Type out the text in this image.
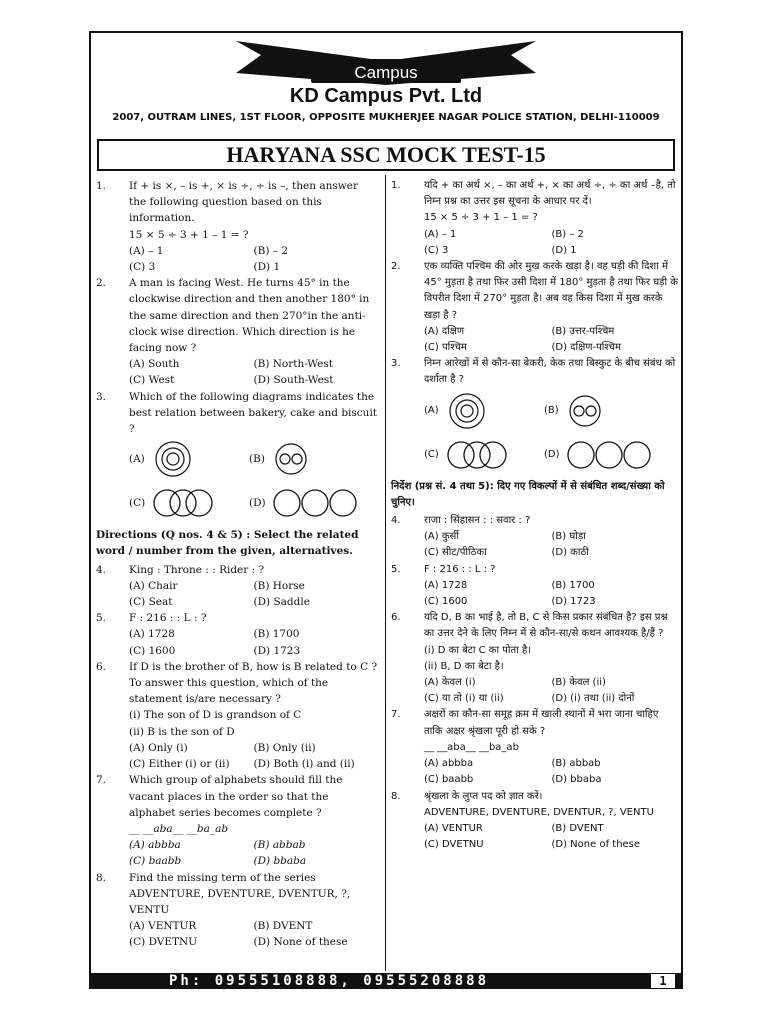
KD
Campus
KD Campus Pvt. Ltd
2007, OUTRAM LINES, 1ST FLOOR, OPPOSITE MUKHERJEE NAGAR POLICE STATION, DELHI-110009
HARYANA SSC MOCK TEST-15
1.	If + is ×, – is +, × is ÷, ÷ is –, then answer the following question based on this information.
15 × 5 ÷ 3 + 1 – 1 = ?
(A) – 1	(B) – 2
(C) 3	(D) 1
2.	A man is facing West. He turns 45° in the clockwise direction and then another 180° in the same direction and then 270°in the anti-clock wise direction. Which direction is he facing now ?
(A) South	(B) North-West
(C) West	(D) South-West
3.	Which of the following diagrams indicates the best relation between bakery, cake and biscuit ?
(A)	(B)
(C)	(D)
Directions (Q nos. 4 & 5) : Select the related word / number from the given, alternatives.
4.	King : Throne : : Rider : ?
(A) Chair	(B) Horse
(C) Seat	(D) Saddle
5.	F : 216 : : L : ?
(A) 1728	(B) 1700
(C) 1600	(D) 1723
6.	If D is the brother of B, how is B related to C ? To answer this question, which of the statement is/are necessary ?
(i) The son of D is grandson of C
(ii) B is the son of D
(A) Only (i)	(B) Only (ii)
(C) Either (i) or (ii)	(D) Both (i) and (ii)
7.	Which group of alphabets should fill the vacant places in the order so that the alphabet series becomes complete ?
__ __aba__ __ba_ab
(A) abbba	(B) abbab
(C) baabb	(D) bbaba
8.	Find the missing term of the series
ADVENTURE, DVENTURE, DVENTUR, ?, VENTU
(A) VENTUR	(B) DVENT
(C) DVETNU	(D) None of these
1.	यदि + का अर्थ ×, – का अर्थ +, × का अर्थ ÷, ÷ का अर्थ –है, तो निम्न प्रश्न का उत्तर इस सूचना के आधार पर दें।
15 × 5 ÷ 3 + 1 – 1 = ?
(A) – 1	(B) – 2
(C) 3	(D) 1
2.	एक व्यक्ति पश्चिम की ओर मुख करके खड़ा है। वह घड़ी की दिशा में 45° मुड़ता है तथा फिर उसी दिशा में 180° मुड़ता है तथा फिर घड़ी के विपरीत दिशा में 270° मुड़ता है। अब वह किस दिशा में मुख करके खड़ा है ?
(A) दक्षिण	(B) उत्तर-पश्चिम
(C) पश्चिम	(D) दक्षिण-पश्चिम
3.	निम्न आरेखों में से कौन-सा बेकरी, केक तथा बिस्कुट के बीच संबंध को दर्शाता है ?
(A)	(B)
(C)	(D)
निर्देश (प्रश्न सं. 4 तथा 5): दिए गए विकल्पों में से संबंधित शब्द/संख्या को चुनिए।
4.	राजा : सिंहासन : : सवार : ?
(A) कुर्सी	(B) घोड़ा
(C) सीट/पीठिका	(D) काठी
5.	F : 216 : : L : ?
(A) 1728	(B) 1700
(C) 1600	(D) 1723
6.	यदि D, B का भाई है, तो B, C से किस प्रकार संबंधित है? इस प्रश्न का उत्तर देने के लिए निम्न में से कौन-सा/से कथन आवश्यक है/हैं ?
(i) D का बेटा C का पोता है।
(ii) B, D का बेटा है।
(A) केवल (i)	(B) केवल (ii)
(C) या तो (i) या (ii)	(D) (i) तथा (ii) दोनों
7.	अक्षरों का कौन-सा समूह क्रम में खाली स्थानों में भरा जाना चाहिए ताकि अक्षर श्रृंखला पूरी हो सके ?
__ __aba__ __ba_ab
(A) abbba	(B) abbab
(C) baabb	(D) bbaba
8.	श्रृंखला के लुप्त पद को ज्ञात करें।
ADVENTURE, DVENTURE, DVENTUR, ?, VENTU
(A) VENTUR	(B) DVENT
(C) DVETNU	(D) None of these
Ph: 09555108888, 09555208888	1
